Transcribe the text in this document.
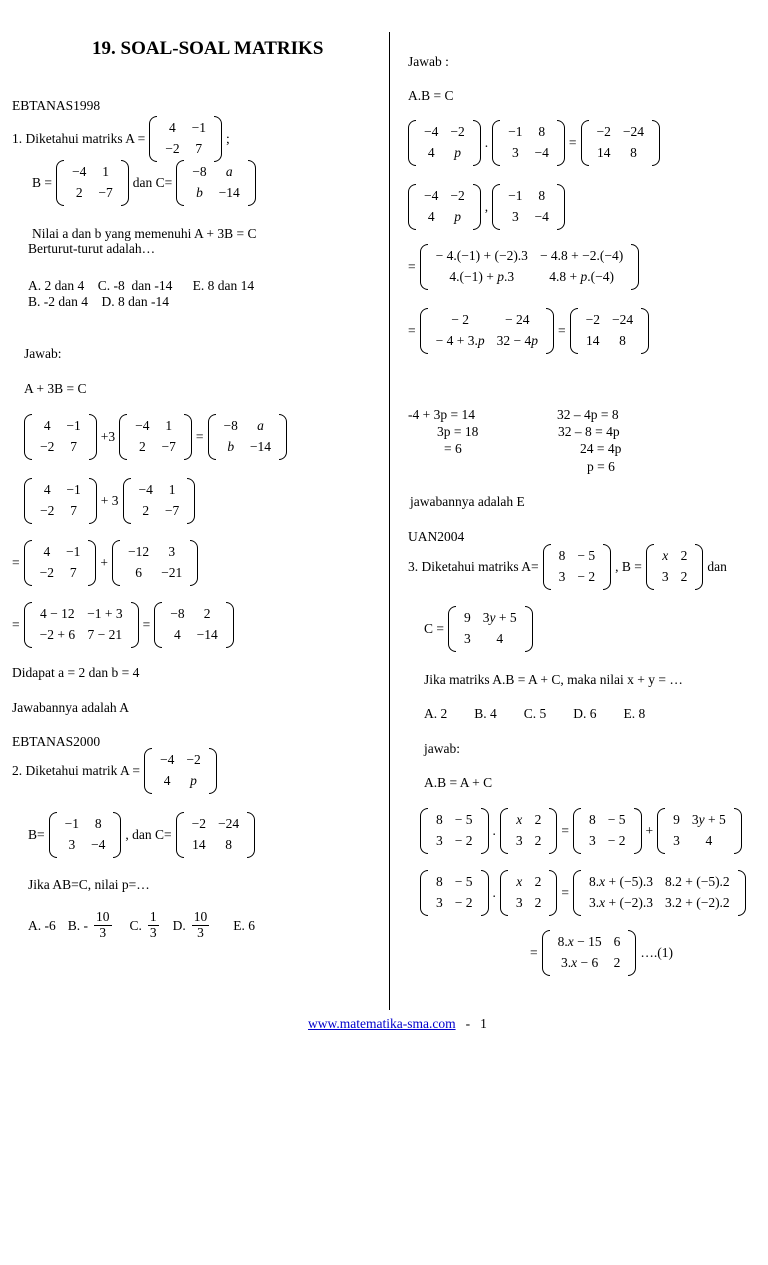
19. SOAL-SOAL MATRIKS
EBTANAS1998
1. Diketahui matriks A =
4	−1
−2	7
;
B =
−4	1
2	−7
dan C=
−8	a
b	−14
Nilai a dan b yang memenuhi A + 3B = C
Berturut-turut adalah…
A. 2 dan 4    C. -8  dan -14      E. 8 dan 14
B. -2 dan 4    D. 8 dan -14
Jawab:
A + 3B = C
4	−1
−2	7
+3
−4	1
2	−7
=
−8	a
b	−14
4	−1
−2	7
+ 3
−4	1
2	−7
=
4	−1
−2	7
+
−12	3
6	−21
=
4 − 12	−1 + 3
−2 + 6	7 − 21
=
−8	2
4	−14
Didapat a = 2 dan b = 4
Jawabannya adalah A
EBTANAS2000
2. Diketahui matrik A =
−4	−2
4	p
B=
−1	8
3	−4
, dan C=
−2	−24
14	8
Jika AB=C, nilai p=…
A. -6 B. - $\frac{10}{3} C$. $\frac{1}{3} D$. $\frac{10}{3} E$. 6
Jawab :
A.B = C
−4	−2
4	p
.
−1	8
3	−4
=
−2	−24
14	8
−4	−2
4	p
,
−1	8
3	−4
=
− 4.(−1) + (−2).3	− 4.8 + −2.(−4)
4.(−1) + p.3	4.8 + p.(−4)
=
− 2	− 24
− 4 + 3.p	32 − 4p
=
−2	−24
14	8
-4 + 3p = 14
3p = 18
= 6
32 – 4p = 8
32 – 8 = 4p
24 = 4p
p = 6
jawabannya adalah E
UAN2004
3. Diketahui matriks A=
8	− 5
3	− 2
, B =
x	2
3	2
dan
C =
9	3y + 5
3	4
Jika matriks A.B = A + C, maka nilai x + y = …
A. 2        B. 4        C. 5        D. 6        E. 8
jawab:
A.B = A + C
8	− 5
3	− 2
.
x	2
3	2
=
8	− 5
3	− 2
+
9	3y + 5
3	4
8	− 5
3	− 2
.
x	2
3	2
=
8.x + (−5).3	8.2 + (−5).2
3.x + (−2).3	3.2 + (−2).2
=
8.x − 15	6
3.x − 6	2
….(1)
www.matematika-sma.com - 1
